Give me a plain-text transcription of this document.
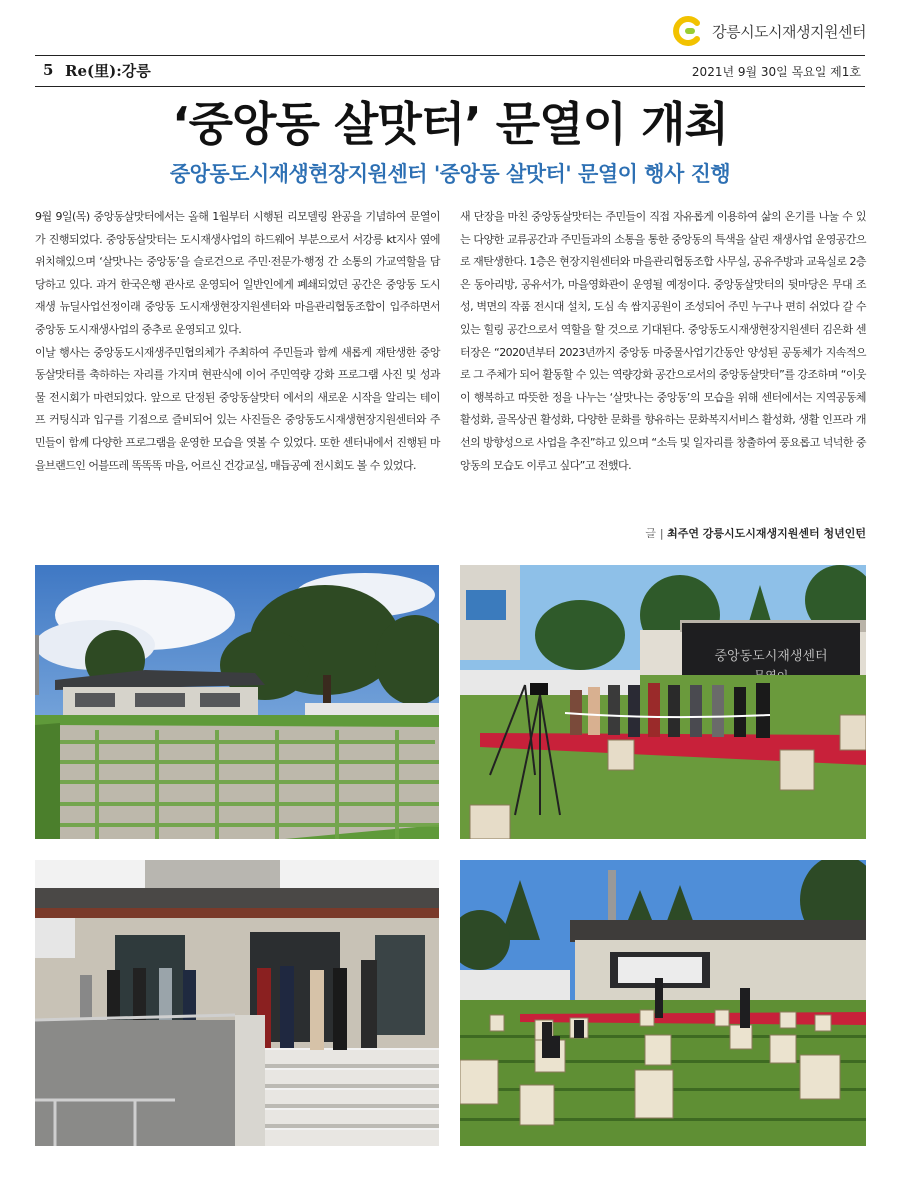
강릉시도시재생지원센터
5 Re(里):강릉	2021년 9월 30일 목요일 제1호
‘중앙동 살맛터’ 문열이 개최
중앙동도시재생현장지원센터 '중앙동 살맛터' 문열이 행사 진행

9월 9일(목) 중앙동살맛터에서는 올해 1월부터 시행된 리모델링 완공을 기념하여 문열이가 진행되었다. 중앙동살맛터는 도시재생사업의 하드웨어 부분으로서 서강릉 kt지사 옆에 위치해있으며 ‘살맛나는 중앙동’을 슬로건으로 주민·전문가·행정 간 소통의 가교역할을 담당하고 있다. 과거 한국은행 관사로 운영되어 일반인에게 폐쇄되었던 공간은 중앙동 도시재생 뉴딜사업선정이래 중앙동 도시재생현장지원센터와 마을관리협동조합이 입주하면서 중앙동 도시재생사업의 중추로 운영되고 있다.

이날 행사는 중앙동도시재생주민협의체가 주최하여 주민들과 함께 새롭게 재탄생한 중앙동살맛터를 축하하는 자리를 가지며 현판식에 이어 주민역량 강화 프로그램 사진 및 성과물 전시회가 마련되었다. 앞으로 단정된 중앙동살맛터 에서의 새로운 시작을 알리는 테이프 커팅식과 입구를 기점으로 즐비되어 있는 사진들은 중앙동도시재생현장지원센터와 주민들이 함께 다양한 프로그램을 운영한 모습을 엿볼 수 있었다. 또한 센터내에서 진행된 마을브랜드인 어블뜨레 똑똑똑 마을, 어르신 건강교실, 매듭공예 전시회도 볼 수 있었다.

새 단장을 마친 중앙동살맛터는 주민들이 직접 자유롭게 이용하여 삶의 온기를 나눌 수 있는 다양한 교류공간과 주민들과의 소통을 통한 중앙동의 특색을 살린 재생사업 운영공간으로 재탄생한다. 1층은 현장지원센터와 마을관리협동조합 사무실, 공유주방과 교육실로 2층은 동아리방, 공유서가, 마을영화관이 운영될 예정이다. 중앙동살맛터의 뒷마당은 무대 조성, 벽면의 작품 전시대 설치, 도심 속 쌈지공원이 조성되어 주민 누구나 편히 쉬었다 갈 수 있는 힐링 공간으로서 역할을 할 것으로 기대된다. 중앙동도시재생현장지원센터 김은화 센터장은 “2020년부터 2023년까지 중앙동 마중물사업기간동안 양성된 공동체가 지속적으로 그 주체가 되어 활동할 수 있는 역량강화 공간으로서의 중앙동살맛터”를 강조하며 “이웃이 행복하고 따뜻한 정을 나누는 ‘살맛나는 중앙동’의 모습을 위해 센터에서는 지역공동체 활성화, 골목상권 활성화, 다양한 문화를 향유하는 문화복지서비스 활성화, 생활 인프라 개선의 방향성으로 사업을 추진”하고 있으며 “소득 및 일자리를 창출하여 풍요롭고 넉넉한 중앙동의 모습도 이루고 싶다”고 전했다.

글 | 최주연 강릉시도시재생지원센터 청년인턴
중앙동도시재생센터
